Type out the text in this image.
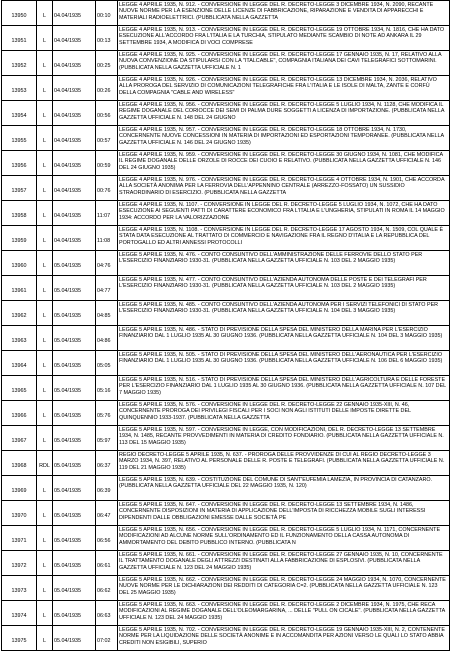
13950	L	04.04/1935	00:10	LEGGE 4 APRILE 1935, N. 912. - CONVERSIONE IN LEGGE DEL R. DECRETO-LEGGE 3 DICEMBRE 1934, N. 2090, RECANTE NUOVE NORME PER LA ESENZIONE DELLE LICENZE DI FABBRICAZIONE, RIPARAZIONE E VENDITA DI APPARECCHI E MATERIALI RADIOELETTRICI. (PUBBLICATA NELLA GAZZETTA
13951	L	04.04/1935	00:13	LEGGE 4 APRILE 1935, N. 913. - CONVERSIONE IN LEGGE DEL R. DECRETO-LEGGE 19 OTTOBRE 1934, N. 1816, CHE HA DATO ESECUZIONE ALL'ACCORDO FRA L'ITALIA E LA TURCHIA, STIPULATO MEDIANTE SCAMBIO DI NOTE AD ANKARA IL 29 SETTEMBRE 1934, A MODIFICA DI VOCI COMPRESE
13952	L	04.04/1935	00:25	LEGGE 4 APRILE 1935, N. 925. - CONVERSIONE IN LEGGE DEL R. DECRETO-LEGGE 17 GENNAIO 1935, N. 17, RELATIVO ALLA NUOVA CONVENZIONE DA STIPULARSI CON LA "ITALCABLE", COMPAGNIA ITALIANA DEI CAVI TELEGRAFICI SOTTOMARINI. (PUBBLICATA NELLA GAZZETTA UFFICIALE N. 1
13953	L	04.04/1935	00:26	LEGGE 4 APRILE 1935, N. 926. - CONVERSIONE IN LEGGE DEL R. DECRETO-LEGGE 13 DICEMBRE 1934, N. 2036, RELATIVO ALLA PROROGA DEL SERVIZIO DI COMUNICAZIONI TELEGRAFICHE FRA L'ITALIA E LE ISOLE DI MALTA, ZANTE E CORFÙ DELLA COMPAGNIA "CABLE AND WIRELESS"
13954	L	04.04/1935	00:56	LEGGE 4 APRILE 1935, N. 956. - CONVERSIONE IN LEGGE DEL R. DECRETO-LEGGE 5 LUGLIO 1934, N. 1128, CHE MODIFICA IL REGIME DOGANALE DEL CORIOCCE DEI SEMI DI PALMA DURE SOGGETTI A LICENZA DI IMPORTAZIONE. (PUBBLICATA NELLA GAZZETTA UFFICIALE N. 148 DEL 24 GIUGNO
13955	L	04.04/1935	00:57	LEGGE 4 APRILE 1935, N. 957. - CONVERSIONE IN LEGGE DEL R. DECRETO-LEGGE 18 OTTOBRE 1934, N. 1730, CONCERNENTE NUOVE CONCESSIONI IN MATERIA DI IMPORTAZIONI ED ESPORTAZIONI TEMPORANEE. (PUBBLICATA NELLA GAZZETTA UFFICIALE N. 146 DEL 24 GIUGNO 1935)
13956	L	04.04/1935	00:59	LEGGE 4 APRILE 1935, N. 959. - CONVERSIONE IN LEGGE DEL R. DECRETO-LEGGE 30 GIUGNO 1934, N. 1081, CHE MODIFICA IL REGIME DOGANALE DELLE ORZOLE DI ROCCE DEI CUOIO E RELATIVO. (PUBBLICATA NELLA GAZZETTA UFFICIALE N. 146 DEL 24 GIUGNO 1935)
13957	L	04.04/1935	00:76	LEGGE 4 APRILE 1935, N. 976. - CONVERSIONE IN LEGGE DEL R. DECRETO-LEGGE 4 OTTOBRE 1934, N. 1901, CHE ACCORDA ALLA SOCIETÀ ANONIMA PER LA FERROVIA DELL'APPENNINO CENTRALE (ARREZZO-FOSSATO) UN SUSSIDIO STRAORDINARIO DI ESERCIZIO. (PUBBLICATA NELLA GAZZETTA
13958	L	04.04/1935	11:07	LEGGE 4 APRILE 1935, N. 1107. - CONVERSIONE IN LEGGE DEL R. DECRETO-LEGGE 5 LUGLIO 1934, N. 1072, CHE HA DATO ESECUZIONE AI SEGUENTI PATTI DI CARATTERE ECONOMICO FRA L'ITALIA E L'UNGHERIA, STIPULATI IN ROMA IL 14 MAGGIO 1934: ACCORDO PER LA VALORIZZAZIONE
13959	L	04.04/1935	11:08	LEGGE 4 APRILE 1935, N. 1108. - CONVERSIONE IN LEGGE DEL R. DECRETO-LEGGE 17 AGOSTO 1934, N. 1509, COL QUALE È STATA DATA ESECUZIONE AL TRATTATO DI COMMERCIO E NAVIGAZIONE FRA IL REGNO D'ITALIA E LA REPUBBLICA DEL PORTOGALLO ED ALTRI ANNESSI PROTOCOLLI
13960	L	05.04/1935	04:76	LEGGE 5 APRILE 1935, N. 476. - CONTO CONSUNTIVO DELL'AMMINISTRAZIONE DELLE FERROVIE DELLO STATO PER L'ESERCIZIO FINANZIARIO 1930-31. (PUBBLICATA NELLA GAZZETTA UFFICIALE N. 103 DEL 2 MAGGIO 1935)
13961	L	05.04/1935	04:77	LEGGE 5 APRILE 1935, N. 477. - CONTO CONSUNTIVO DELL'AZIENDA AUTONOMA DELLE POSTE E DEI TELEGRAFI PER L'ESERCIZIO FINANZIARIO 1930-31. (PUBBLICATA NELLA GAZZETTA UFFICIALE N. 103 DEL 2 MAGGIO 1935)
13962	L	05.04/1935	04:85	LEGGE 5 APRILE 1935, N. 485. - CONTO CONSUNTIVO DELL'AZIENDA AUTONOMA PER I SERVIZI TELEFONICI DI STATO PER L'ESERCIZIO FINANZIARIO 1930-31. (PUBBLICATA NELLA GAZZETTA UFFICIALE N. 104 DEL 3 MAGGIO 1935)
13963	L	05.04/1935	04:86	LEGGE 5 APRILE 1935, N. 486. - STATO DI PREVISIONE DELLA SPESA DEL MINISTERO DELLA MARINA PER L'ESERCIZIO FINANZIARIO DAL 1 LUGLIO 1935 AL 30 GIUGNO 1936. (PUBBLICATA NELLA GAZZETTA UFFICIALE N. 104 DEL 3 MAGGIO 1935)
13964	L	05.04/1935	05:05	LEGGE 5 APRILE 1935, N. 505. - STATO DI PREVISIONE DELLA SPESA DEL MINISTERO DELL'AERONAUTICA PER L'ESERCIZIO FINANZIARIO DAL 1 LUGLIO 1935 AL 30 GIUGNO 1936. (PUBBLICATA NELLA GAZZETTA UFFICIALE N. 106 DEL 6 MAGGIO 1935)
13965	L	05.04/1935	05:16	LEGGE 5 APRILE 1935, N. 516. - STATO DI PREVISIONE DELLA SPESA DEL MINISTERO DELL'AGRICOLTURA E DELLE FORESTE PER L'ESERCIZIO FINANZIARIO DAL 1 LUGLIO 1935 AL 30 GIUGNO 1936. (PUBBLICATA NELLA GAZZETTA UFFICIALE N. 107 DEL 7 MAGGIO 1935)
13966	L	05.04/1935	05:76	LEGGE 5 APRILE 1935, N. 576. - CONVERSIONE IN LEGGE DEL R. DECRETO-LEGGE 22 GENNAIO 1935-XIII, N. 46, CONCERNENTE PROROGA DEI PRIVILEGI FISCALI PER I SOCI NON AGLI ISTITUTI DELLE IMPOSTE DIRETTE DEL QUINQUENNIO 1933-1937. (PUBBLICATA NELLA GAZZETTA
13967	L	05.04/1935	05:97	LEGGE 5 APRILE 1935, N. 597. - CONVERSIONE IN LEGGE, CON MODIFICAZIONI, DEL R. DECRETO-LEGGE 13 SETTEMBRE 1934, N. 1485, RECANTE PROVVEDIMENTI IN MATERIA DI CREDITO FONDIARIO. (PUBBLICATA NELLA GAZZETTA UFFICIALE N. 113 DEL 15 MAGGIO 1935)
13968	RDL	05.04/1935	06:37	REGIO DECRETO-LEGGE 5 APRILE 1935, N. 637. - PROROGA DELLE PROVVIDENZE DI CUI AL REGIO DECRETO-LEGGE 3 MARZO 1934, N. 397, RELATIVO AL PERSONALE DELLE R. POSTE E TELEGRAFI. (PUBBLICATA NELLA GAZZETTA UFFICIALE N. 119 DEL 21 MAGGIO 1935)
13969	L	05.04/1935	06:39	LEGGE 5 APRILE 1935, N. 639. - COSTITUZIONE DEL COMUNE DI SANT'EUFEMIA LAMEZIA, IN PROVINCIA DI CATANZARO. (PUBBLICATA NELLA GAZZETTA UFFICIALE DEL 22 MAGGIO 1935, N. 120)
13970	L	05.04/1935	06:47	LEGGE 5 APRILE 1935, N. 647. - CONVERSIONE IN LEGGE DEL R. DECRETO-LEGGE 13 SETTEMBRE 1934, N. 1486, CONCERNENTE DISPOSIZIONI IN MATERIA DI APPLICAZIONE DELL'IMPOSTA DI RICCHEZZA MOBILE SUGLI INTERESSI DIPENDENTI DALLE OBBLIGAZIONI EMESSE DALLE SOCIETÀ PE
13971	L	05.04/1935	06:56	LEGGE 5 APRILE 1935, N. 656. - CONVERSIONE IN LEGGE DEL R. DECRETO-LEGGE 5 LUGLIO 1934, N. 1171, CONCERNENTE MODIFICAZIONI AD ALCUNE NORME SULL'ORDINAMENTO ED IL FUNZIONAMENTO DELLA CASSA AUTONOMA DI AMMORTAMENTO DEL DEBITO PUBBLICO INTERNO. (PUBBLICATA N
13972	L	05.04/1935	06:61	LEGGE 5 APRILE 1935, N. 661. - CONVERSIONE IN LEGGE DEL R. DECRETO-LEGGE 27 GENNAIO 1935, N. 10, CONCERNENTE IL TRATTAMENTO DOGANALE DEGLI ATTREZZI DESTINATI ALLA FABBRICAZIONE DI ESPLOSIVI. (PUBBLICATA NELLA GAZZETTA UFFICIALE N. 123 DEL 24 MAGGIO 1935)
13973	L	05.04/1935	06:62	LEGGE 5 APRILE 1935, N. 662. - CONVERSIONE IN LEGGE DEL R. DECRETO-LEGGE 24 MAGGIO 1934, N. 1070, CONCERNENTE NUOVE NORME PER LE DICHIARAZIONI DEI REDDITI DI CATEGORIA C=2. (PUBBLICATA NELLA GAZZETTA UFFICIALE N. 123 DEL 25 MAGGIO 1935)
13974	L	05.04/1935	06:63	LEGGE 5 APRILE 1935, N. 663. - CONVERSIONE IN LEGGE DEL R. DECRETO-LEGGE 2 DICEMBRE 1934, N. 1975, CHE RECA MODIFICAZIONI AL REGIME DOGANALE DELL'OLEOMARGARINA, ... DELLE "PULL ON CICALE". (PUBBLICATA NELLA GAZZETTA UFFICIALE N. 123 DEL 24 MAGGIO 1935)
13975	L	05.04/1935	07:02	LEGGE 5 APRILE 1935, N. 702. - CONVERSIONE IN LEGGE DEL R. DECRETO-LEGGE 19 GENNAIO 1935-XIII, N. 2, CONTENENTE NORME PER LA LIQUIDAZIONE DELLE SOCIETÀ ANONIME E IN ACCOMANDITA PER AZIONI VERSO LE QUALI LO STATO ABBIA CREDITI NON ESIGIBILI, SUPERIO
